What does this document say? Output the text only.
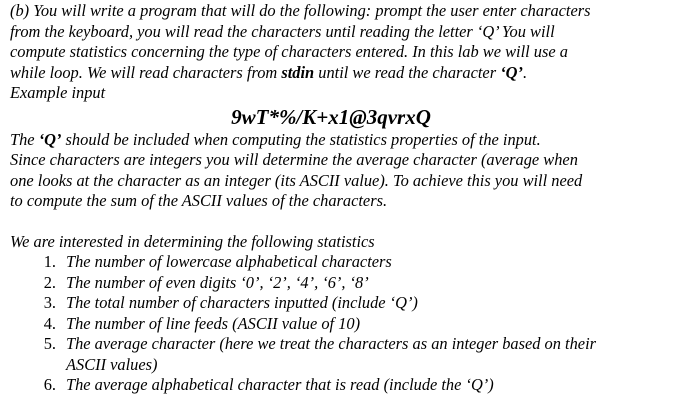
(b) You will write a program that will do the following: prompt the user enter characters
from the keyboard, you will read the characters until reading the letter ‘Q’ You will
compute statistics concerning the type of characters entered. In this lab we will use a
while loop. We will read characters from stdin until we read the character ‘Q’.
Example input
9wT*%/K+x1@3qvrxQ
The ‘Q’ should be included when computing the statistics properties of the input.
Since characters are integers you will determine the average character (average when
one looks at the character as an integer (its ASCII value). To achieve this you will need
to compute the sum of the ASCII values of the characters.
We are interested in determining the following statistics
1. The number of lowercase alphabetical characters
2. The number of even digits ‘0’, ‘2’, ‘4’, ‘6’, ‘8’
3. The total number of characters inputted (include ‘Q’)
4. The number of line feeds (ASCII value of 10)
5. The average character (here we treat the characters as an integer based on their
ASCII values)
6. The average alphabetical character that is read (include the ‘Q’)
